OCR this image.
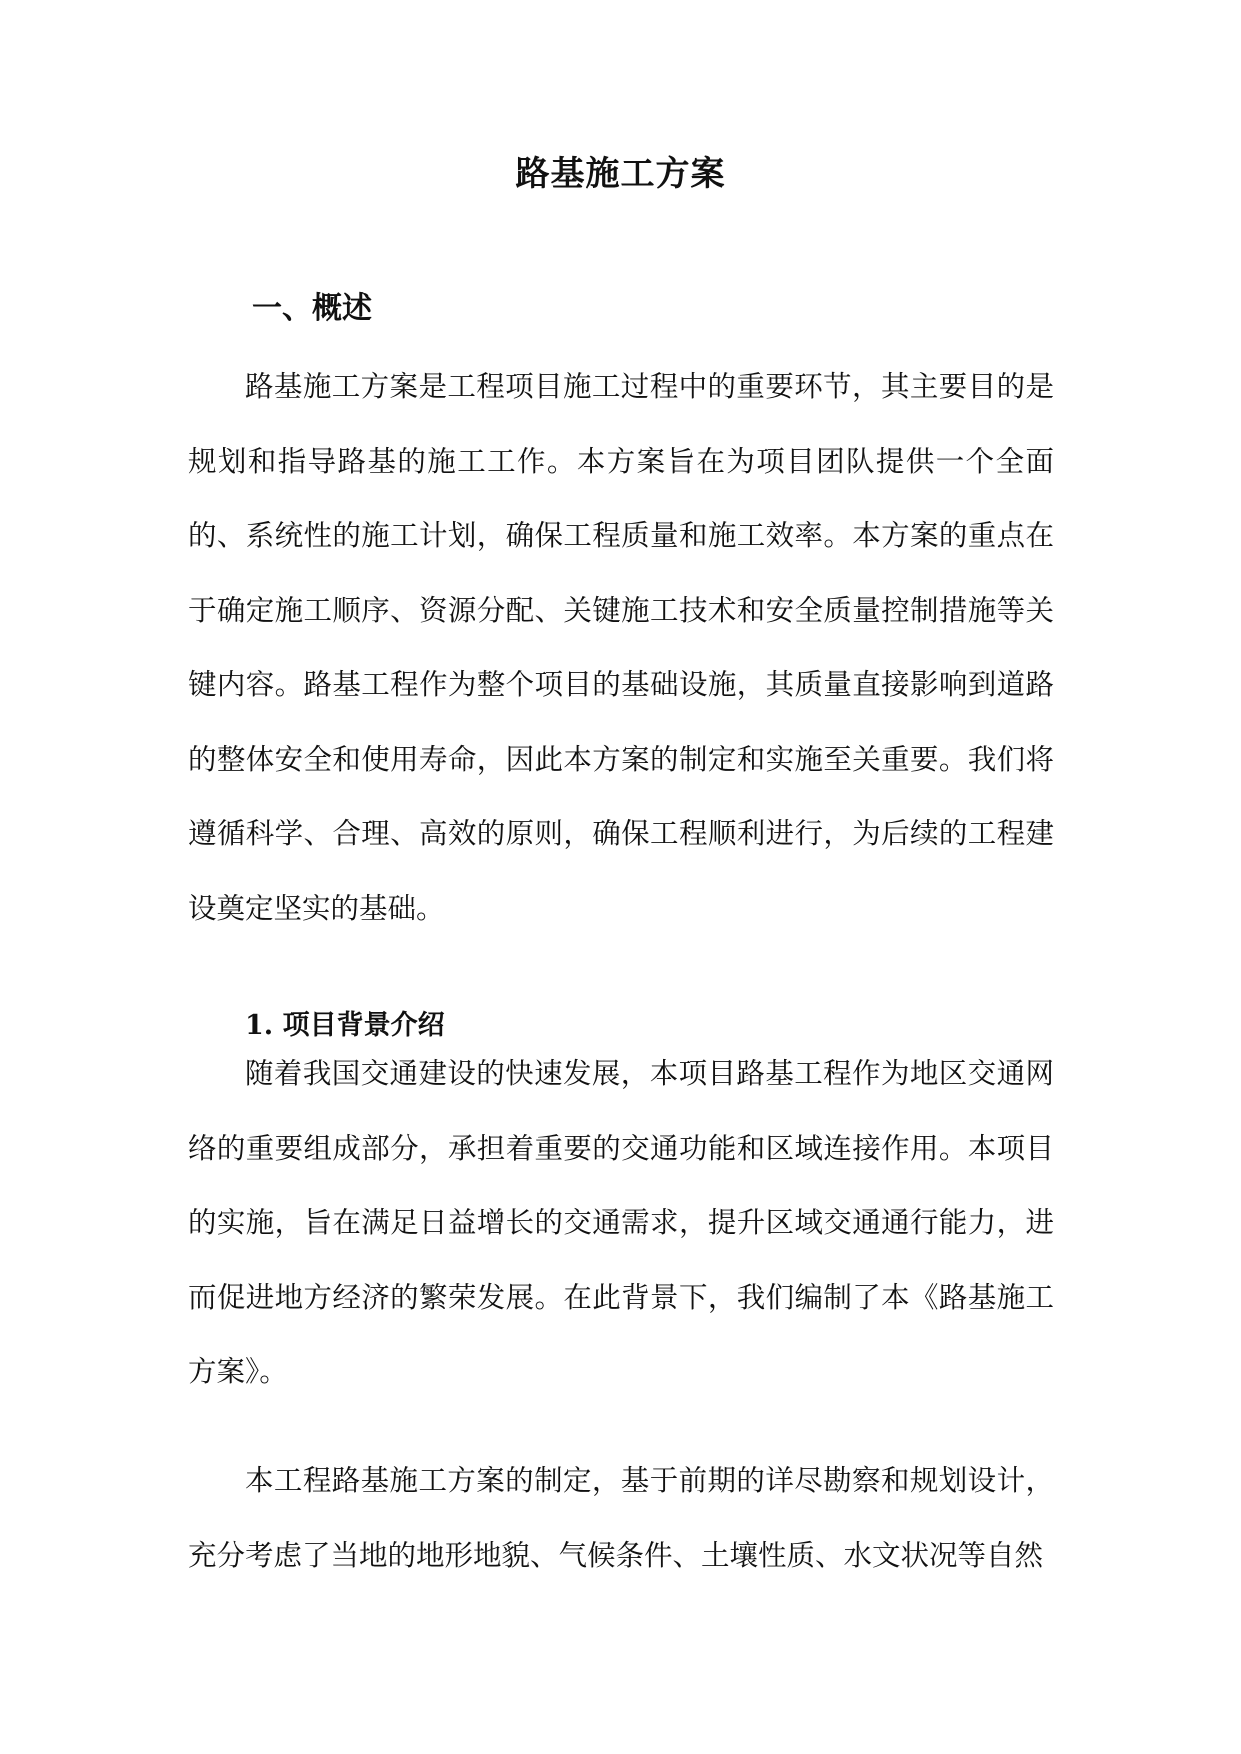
路基施工方案
一、概述

路基施工方案是工程项目施工过程中的重要环节，其主要目的是规划和指导路基的施工工作。本方案旨在为项目团队提供一个全面的、系统性的施工计划，确保工程质量和施工效率。本方案的重点在于确定施工顺序、资源分配、关键施工技术和安全质量控制措施等关键内容。路基工程作为整个项目的基础设施，其质量直接影响到道路的整体安全和使用寿命，因此本方案的制定和实施至关重要。我们将遵循科学、合理、高效的原则，确保工程顺利进行，为后续的工程建设奠定坚实的基础。

1. 项目背景介绍

随着我国交通建设的快速发展，本项目路基工程作为地区交通网络的重要组成部分，承担着重要的交通功能和区域连接作用。本项目的实施，旨在满足日益增长的交通需求，提升区域交通通行能力，进而促进地方经济的繁荣发展。在此背景下，我们编制了本《路基施工方案》。

本工程路基施工方案的制定，基于前期的详尽勘察和规划设计，充分考虑了当地的地形地貌、气候条件、土壤性质、水文状况等自然
